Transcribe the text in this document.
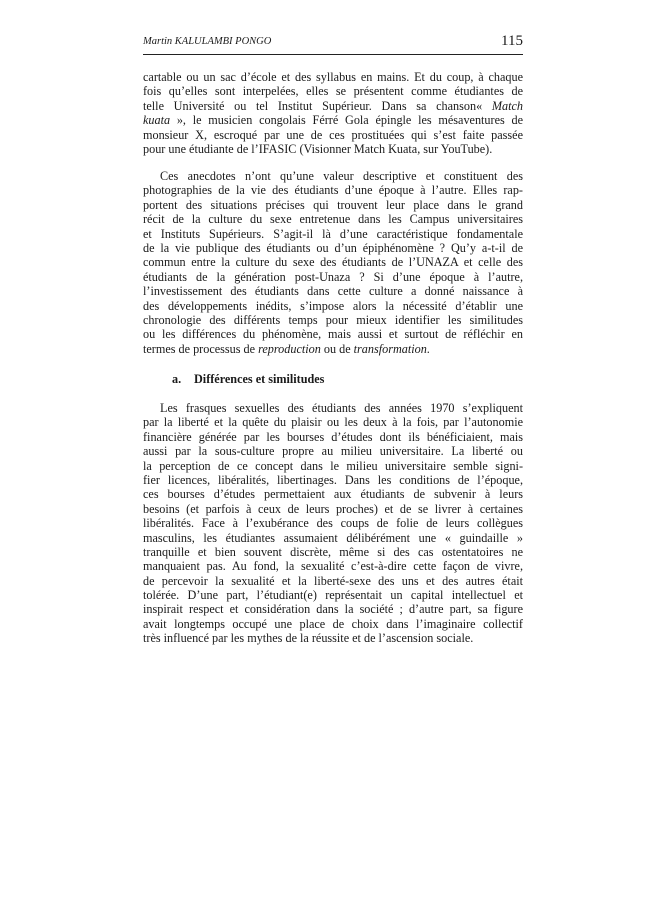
Martin KALULAMBI PONGO	115
cartable ou un sac d’école et des syllabus en mains. Et du coup, à chaque
fois qu’elles sont interpelées, elles se présentent comme étudiantes de
telle Université ou tel Institut Supérieur. Dans sa chanson« Match
kuata », le musicien congolais Férré Gola épingle les mésaventures de
monsieur X, escroqué par une de ces prostituées qui s’est faite passée
pour une étudiante de l’IFASIC (Visionner Match Kuata, sur YouTube).
Ces anecdotes n’ont qu’une valeur descriptive et constituent des
photographies de la vie des étudiants d’une époque à l’autre. Elles rap-
portent des situations précises qui trouvent leur place dans le grand
récit de la culture du sexe entretenue dans les Campus universitaires
et Instituts Supérieurs. S’agit-il là d’une caractéristique fondamentale
de la vie publique des étudiants ou d’un épiphénomène ? Qu’y a-t-il de
commun entre la culture du sexe des étudiants de l’UNAZA et celle des
étudiants de la génération post-Unaza ? Si d’une époque à l’autre,
l’investissement des étudiants dans cette culture a donné naissance à
des développements inédits, s’impose alors la nécessité d’établir une
chronologie des différents temps pour mieux identifier les similitudes
ou les différences du phénomène, mais aussi et surtout de réfléchir en
termes de processus de reproduction ou de transformation.
a. Différences et similitudes
Les frasques sexuelles des étudiants des années 1970 s’expliquent
par la liberté et la quête du plaisir ou les deux à la fois, par l’autonomie
financière générée par les bourses d’études dont ils bénéficiaient, mais
aussi par la sous-culture propre au milieu universitaire. La liberté ou
la perception de ce concept dans le milieu universitaire semble signi-
fier licences, libéralités, libertinages. Dans les conditions de l’époque,
ces bourses d’études permettaient aux étudiants de subvenir à leurs
besoins (et parfois à ceux de leurs proches) et de se livrer à certaines
libéralités. Face à l’exubérance des coups de folie de leurs collègues
masculins, les étudiantes assumaient délibérément une « guindaille »
tranquille et bien souvent discrète, même si des cas ostentatoires ne
manquaient pas. Au fond, la sexualité c’est-à-dire cette façon de vivre,
de percevoir la sexualité et la liberté-sexe des uns et des autres était
tolérée. D’une part, l’étudiant(e) représentait un capital intellectuel et
inspirait respect et considération dans la société ; d’autre part, sa figure
avait longtemps occupé une place de choix dans l’imaginaire collectif
très influencé par les mythes de la réussite et de l’ascension sociale.
